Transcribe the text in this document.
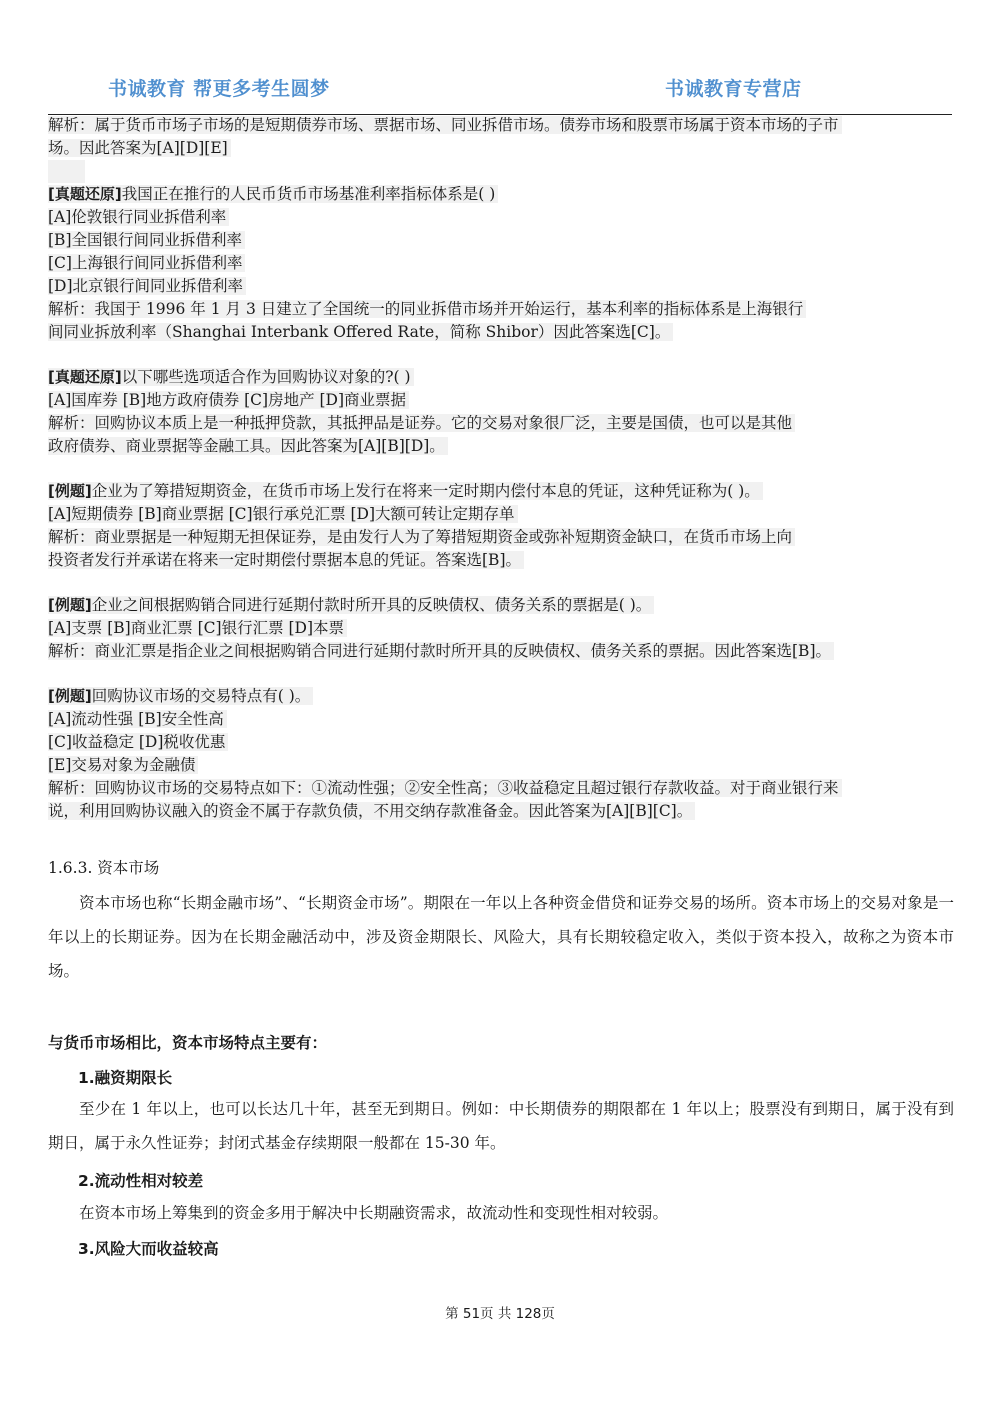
书诚教育 帮更多考生圆梦	书诚教育专营店
解析：属于货币市场子市场的是短期债券市场、票据市场、同业拆借市场。债券市场和股票市场属于资本市场的子市
场。因此答案为[A][D][E]
[真题还原]我国正在推行的人民币货币市场基准利率指标体系是( )
[A]伦敦银行同业拆借利率
[B]全国银行间同业拆借利率
[C]上海银行间同业拆借利率
[D]北京银行间同业拆借利率
解析：我国于 1996 年 1 月 3 日建立了全国统一的同业拆借市场并开始运行，基本利率的指标体系是上海银行
间同业拆放利率（Shanghai Interbank Offered Rate，简称 Shibor）因此答案选[C]。
[真题还原]以下哪些选项适合作为回购协议对象的?( )
[A]国库券 [B]地方政府债券 [C]房地产 [D]商业票据
解析：回购协议本质上是一种抵押贷款，其抵押品是证券。它的交易对象很厂泛，主要是国债，也可以是其他
政府债券、商业票据等金融工具。因此答案为[A][B][D]。
[例题]企业为了筹措短期资金，在货币市场上发行在将来一定时期内偿付本息的凭证，这种凭证称为( )。
[A]短期债券 [B]商业票据 [C]银行承兑汇票 [D]大额可转让定期存单
解析：商业票据是一种短期无担保证券，是由发行人为了筹措短期资金或弥补短期资金缺口，在货币市场上向
投资者发行并承诺在将来一定时期偿付票据本息的凭证。答案选[B]。
[例题]企业之间根据购销合同进行延期付款时所开具的反映债权、债务关系的票据是( )。
[A]支票 [B]商业汇票 [C]银行汇票 [D]本票
解析：商业汇票是指企业之间根据购销合同进行延期付款时所开具的反映债权、债务关系的票据。因此答案选[B]。
[例题]回购协议市场的交易特点有( )。
[A]流动性强 [B]安全性高
[C]收益稳定 [D]税收优惠
[E]交易对象为金融债
解析：回购协议市场的交易特点如下：①流动性强；②安全性高；③收益稳定且超过银行存款收益。对于商业银行来
说，利用回购协议融入的资金不属于存款负债，不用交纳存款准备金。因此答案为[A][B][C]。
1.6.3. 资本市场

资本市场也称“长期金融市场”、“长期资金市场”。期限在一年以上各种资金借贷和证券交易的场所。资本市场上的交易对象是一年以上的长期证券。因为在长期金融活动中，涉及资金期限长、风险大，具有长期较稳定收入，类似于资本投入，故称之为资本市场。

与货币市场相比，资本市场特点主要有：
1.融资期限长

至少在 1 年以上，也可以长达几十年，甚至无到期日。例如：中长期债券的期限都在 1 年以上；股票没有到期日，属于没有到期日，属于永久性证券；封闭式基金存续期限一般都在 15-30 年。

2.流动性相对较差

在资本市场上筹集到的资金多用于解决中长期融资需求，故流动性和变现性相对较弱。

3.风险大而收益较高
第 51页 共 128页
